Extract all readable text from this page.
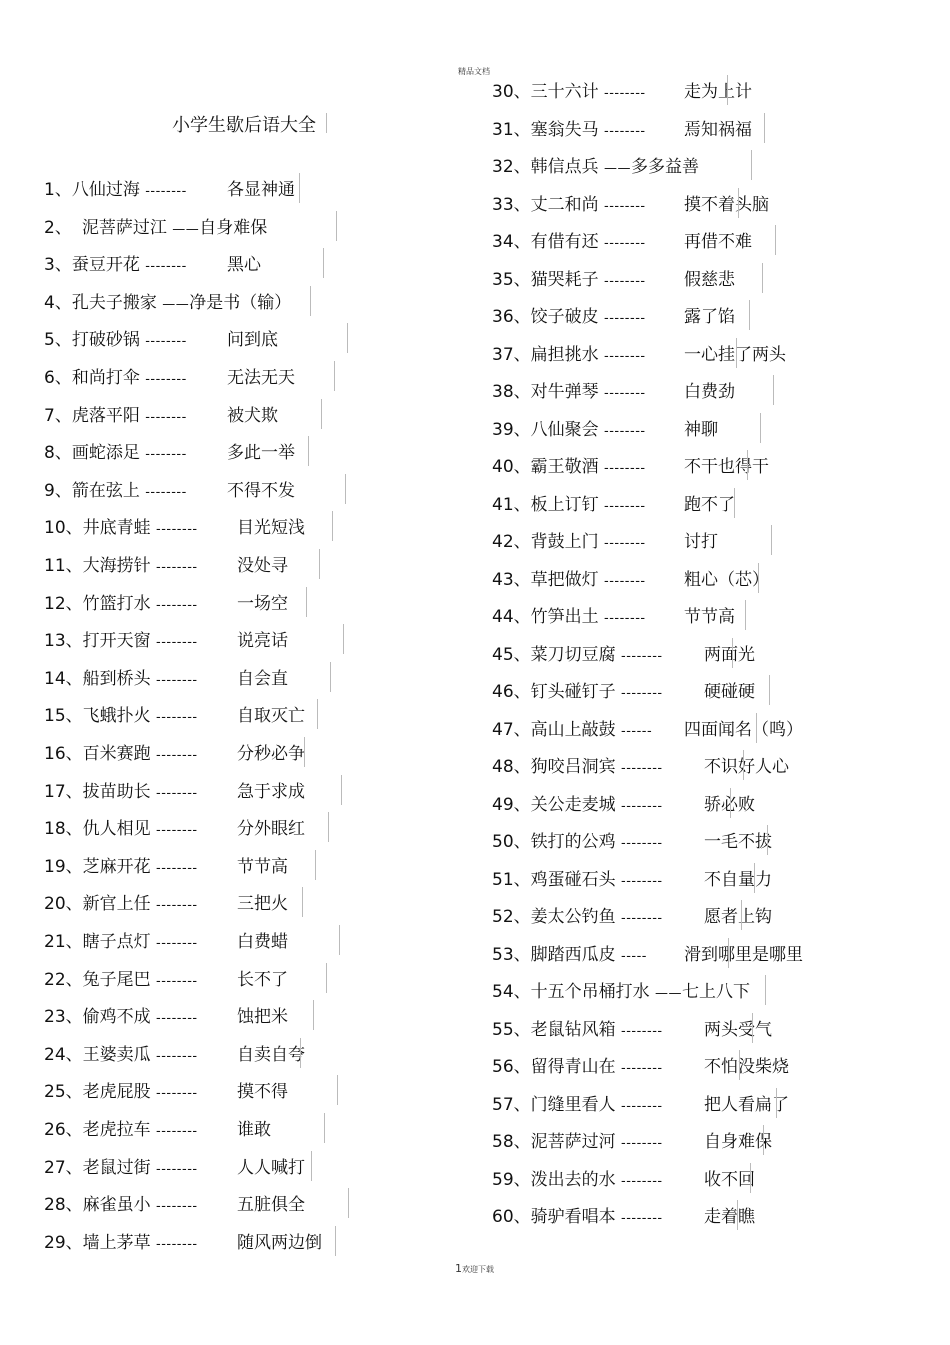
精品文档
小学生歇后语大全
1、八仙过海 -------- 各显神通
2、 泥菩萨过江 ——自身难保
3、蚕豆开花 -------- 黑心
4、孔夫子搬家 ——净是书（输）
5、打破砂锅 -------- 问到底
6、和尚打伞 -------- 无法无天
7、虎落平阳 -------- 被犬欺
8、画蛇添足 -------- 多此一举
9、箭在弦上 -------- 不得不发
10、井底青蛙 -------- 目光短浅
11、大海捞针 -------- 没处寻
12、竹篮打水 -------- 一场空
13、打开天窗 -------- 说亮话
14、船到桥头 -------- 自会直
15、飞蛾扑火 -------- 自取灭亡
16、百米赛跑 -------- 分秒必争
17、拔苗助长 -------- 急于求成
18、仇人相见 -------- 分外眼红
19、芝麻开花 -------- 节节高
20、新官上任 -------- 三把火
21、瞎子点灯 -------- 白费蜡
22、兔子尾巴 -------- 长不了
23、偷鸡不成 -------- 蚀把米
24、王婆卖瓜 -------- 自卖自夸
25、老虎屁股 -------- 摸不得
26、老虎拉车 -------- 谁敢
27、老鼠过街 -------- 人人喊打
28、麻雀虽小 -------- 五脏俱全
29、墙上茅草 -------- 随风两边倒
30、三十六计 -------- 走为上计
31、塞翁失马 -------- 焉知祸福
32、韩信点兵 ——多多益善
33、丈二和尚 -------- 摸不着头脑
34、有借有还 -------- 再借不难
35、猫哭耗子 -------- 假慈悲
36、饺子破皮 -------- 露了馅
37、扁担挑水 -------- 一心挂了两头
38、对牛弹琴 -------- 白费劲
39、八仙聚会 -------- 神聊
40、霸王敬酒 -------- 不干也得干
41、板上订钉 -------- 跑不了
42、背鼓上门 -------- 讨打
43、草把做灯 -------- 粗心（芯）
44、竹笋出土 -------- 节节高
45、菜刀切豆腐 -------- 两面光
46、钉头碰钉子 -------- 硬碰硬
47、高山上敲鼓 ------ 四面闻名（鸣）
48、狗咬吕洞宾 -------- 不识好人心
49、关公走麦城 -------- 骄必败
50、铁打的公鸡 -------- 一毛不拔
51、鸡蛋碰石头 -------- 不自量力
52、姜太公钓鱼 -------- 愿者上钩
53、脚踏西瓜皮 ----- 滑到哪里是哪里
54、十五个吊桶打水 ——七上八下
55、老鼠钻风箱 -------- 两头受气
56、留得青山在 -------- 不怕没柴烧
57、门缝里看人 -------- 把人看扁了
58、泥菩萨过河 -------- 自身难保
59、泼出去的水 -------- 收不回
60、骑驴看唱本 -------- 走着瞧
1欢迎下载
